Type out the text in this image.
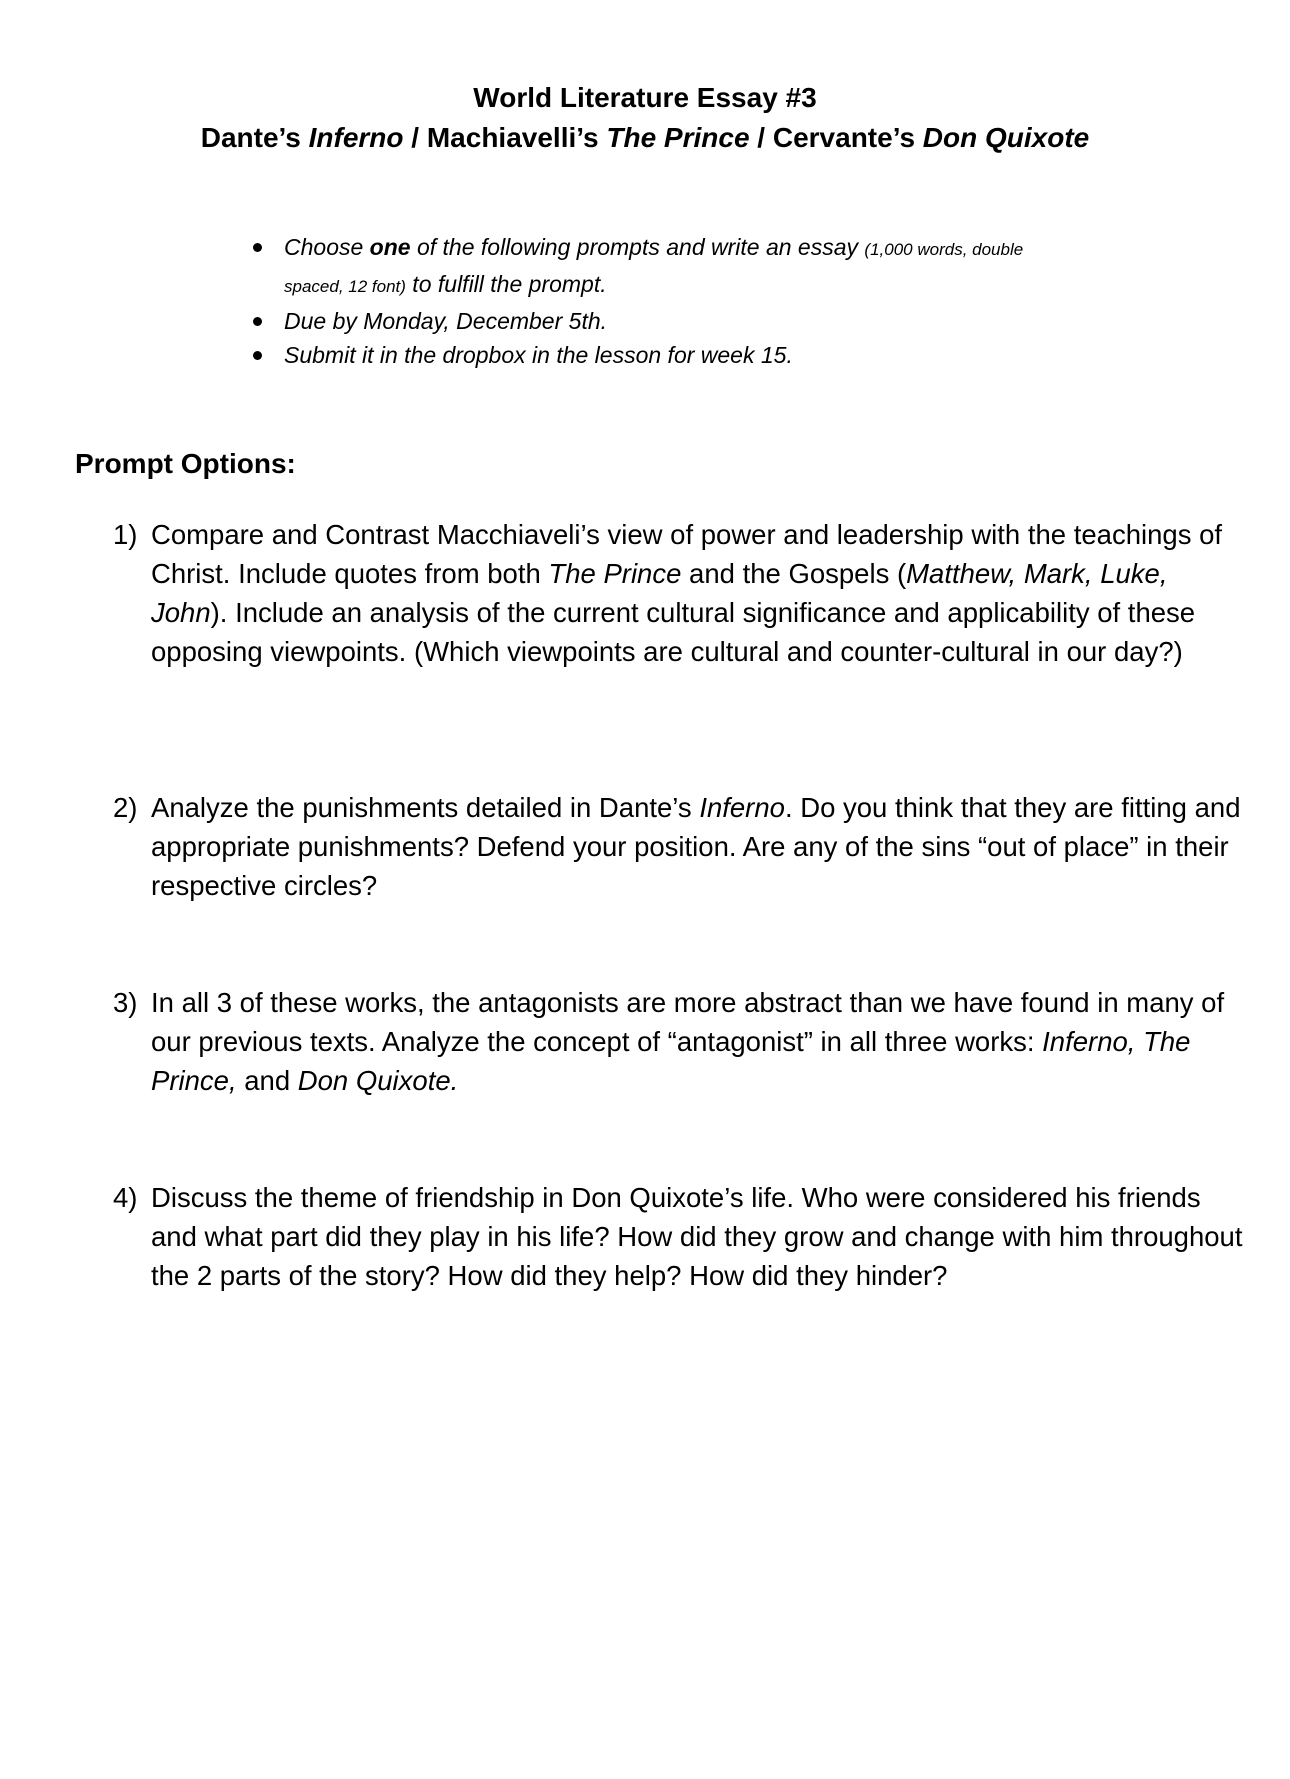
World Literature Essay #3
Dante’s Inferno / Machiavelli’s The Prince / Cervante’s Don Quixote
Choose one of the following prompts and write an essay (1,000 words, double spaced, 12 font) to fulfill the prompt.
Due by Monday, December 5th.
Submit it in the dropbox in the lesson for week 15.
Prompt Options:
1) Compare and Contrast Macchiaveli’s view of power and leadership with the teachings of Christ. Include quotes from both The Prince and the Gospels (Matthew, Mark, Luke, John). Include an analysis of the current cultural significance and applicability of these opposing viewpoints. (Which viewpoints are cultural and counter-cultural in our day?)
2) Analyze the punishments detailed in Dante’s Inferno. Do you think that they are fitting and appropriate punishments? Defend your position. Are any of the sins “out of place” in their respective circles?
3) In all 3 of these works, the antagonists are more abstract than we have found in many of our previous texts. Analyze the concept of “antagonist” in all three works: Inferno, The Prince, and Don Quixote.
4) Discuss the theme of friendship in Don Quixote’s life. Who were considered his friends and what part did they play in his life? How did they grow and change with him throughout the 2 parts of the story? How did they help? How did they hinder?
